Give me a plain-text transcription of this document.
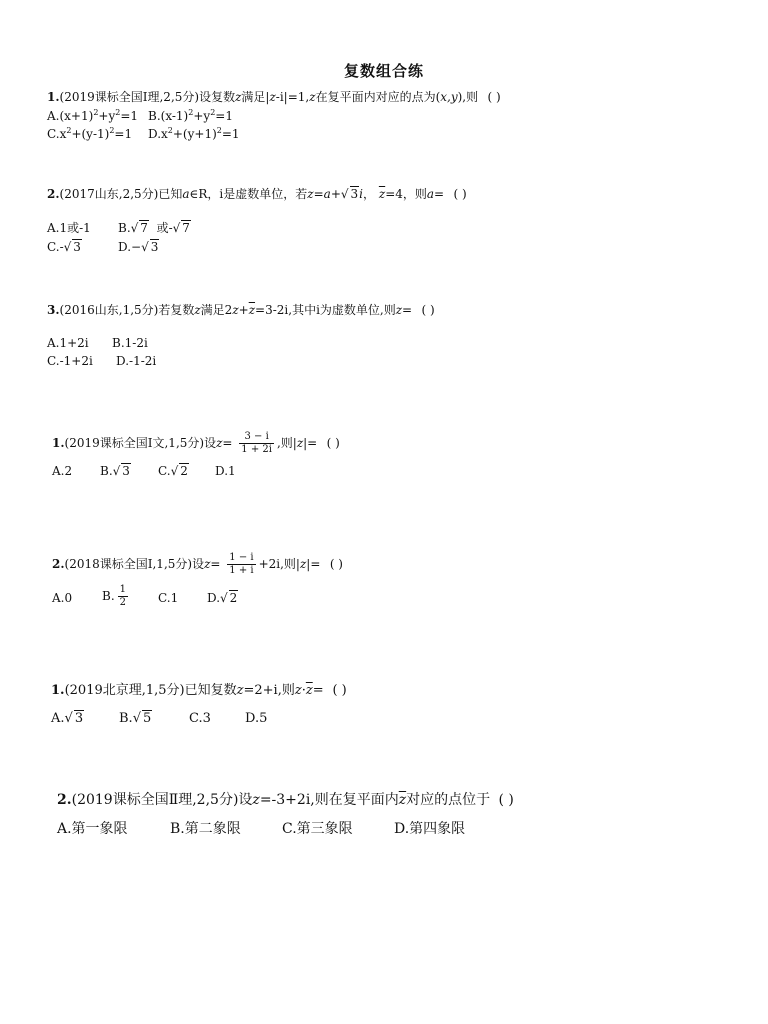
复数组合练
1.(2019课标全国Ⅰ理,2,5分)设复数z满足|z-i|=1,z在复平面内对应的点为(x,y),则 ( )
$A.(x+1)^2+y^2=1$ $B.(x-1)^2+y^2=1$
$C.x^2+(y-1)^2=1$ $D.x^2+(y+1)^2=1$
2.(2017山东,2,5分)已知a∈R，i是虚数单位，若z=a+√ 3i， $\overline{z}=4$，则a= ( )
A.1或-1 B.√ 7 或-√ 7
C.-√ 3	D.−√ 3
3.(2016山东,1,5分)若复数z满足$2z+\overline{z}=3-2i$,其中i为虚数单位,则z= ( )
A.1+2i B.1-2i
C.-1+2i D.-1-2i
1.(2019课标全国Ⅰ文,1,5分)设$z= \frac{3 - i}{1 + 2i}$ ,则|z|= ( )
A.2 B.√ 3 C.√ 2 D.1
2.(2018课标全国Ⅰ,1,5分)设$z= \frac{1 - i}{1 + i} +2i$,则|z|= ( )
A.0 B. $\frac{1}{2} C.1$ D.√ 2
1.(2019北京理,1,5分)已知复数z=2+i,则$z\cdot\overline{z}=$ ( )
A.√ 3	B.√ 5	C.3	D.5
2.(2019课标全国Ⅱ理,2,5分)设z=-3+2i,则在复平面内$\overline{z}$对应的点位于 ( )
A.第一象限	B.第二象限	C.第三象限	D.第四象限
